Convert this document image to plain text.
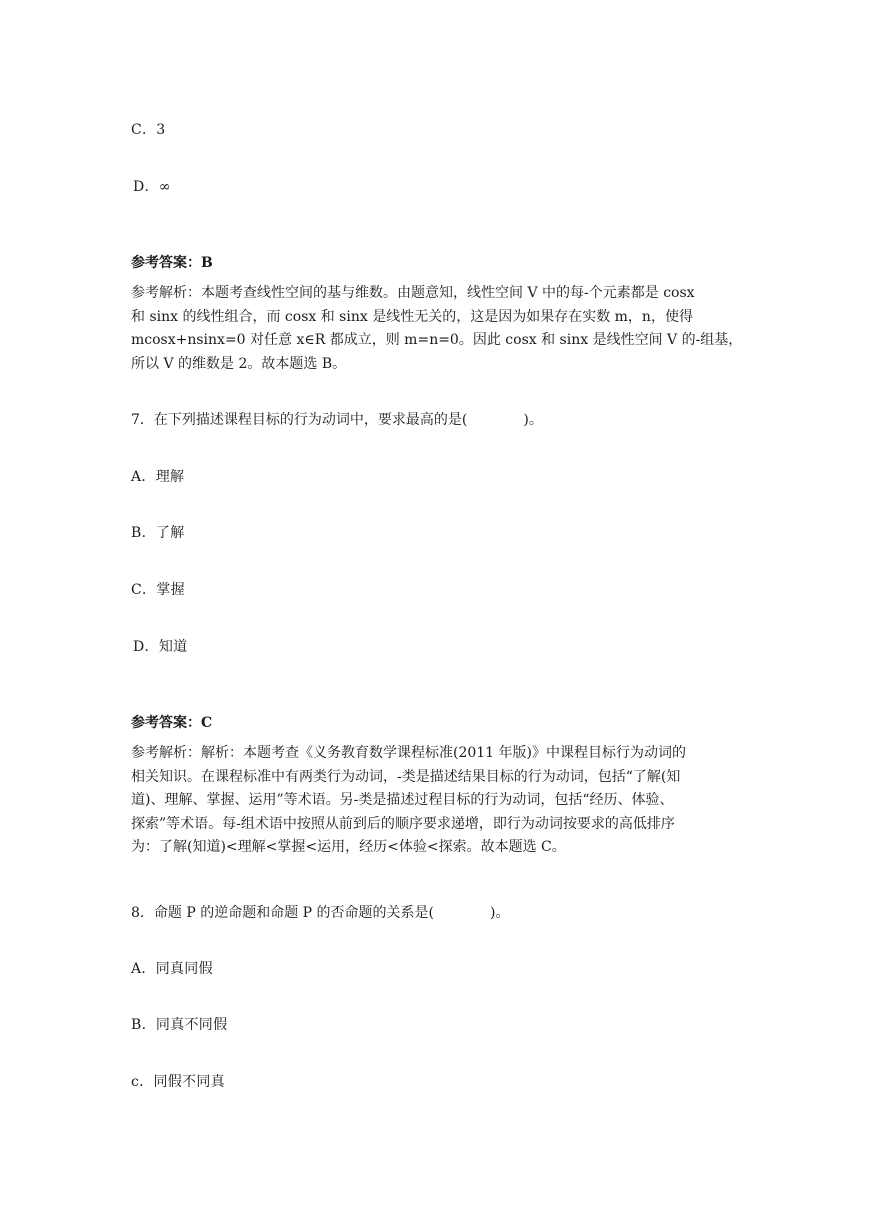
C．3
D．∞
参考答案：B
参考解析：本题考查线性空间的基与维数。由题意知，线性空间 V 中的每-个元素都是 cosx
和 sinx 的线性组合，而 cosx 和 sinx 是线性无关的，这是因为如果存在实数 m，n，使得
mcosx+nsinx=0 对任意 x∈R 都成立，则 m=n=0。因此 cosx 和 sinx 是线性空间 V 的-组基，
所以 V 的维数是 2。故本题选 B。
7．在下列描述课程目标的行为动词中，要求最高的是(　　　　)。
A．理解
B．了解
C．掌握
D．知道
参考答案：C
参考解析：解析：本题考查《义务教育数学课程标准(2011 年版)》中课程目标行为动词的
相关知识。在课程标准中有两类行为动词，-类是描述结果目标的行为动词，包括“了解(知
道)、理解、掌握、运用”等术语。另-类是描述过程目标的行为动词，包括“经历、体验、
探索”等术语。每-组术语中按照从前到后的顺序要求递增，即行为动词按要求的高低排序
为：了解(知道)<理解<掌握<运用，经历<体验<探索。故本题选 C。
8．命题 P 的逆命题和命题 P 的否命题的关系是(　　　　)。
A．同真同假
B．同真不同假
c．同假不同真
